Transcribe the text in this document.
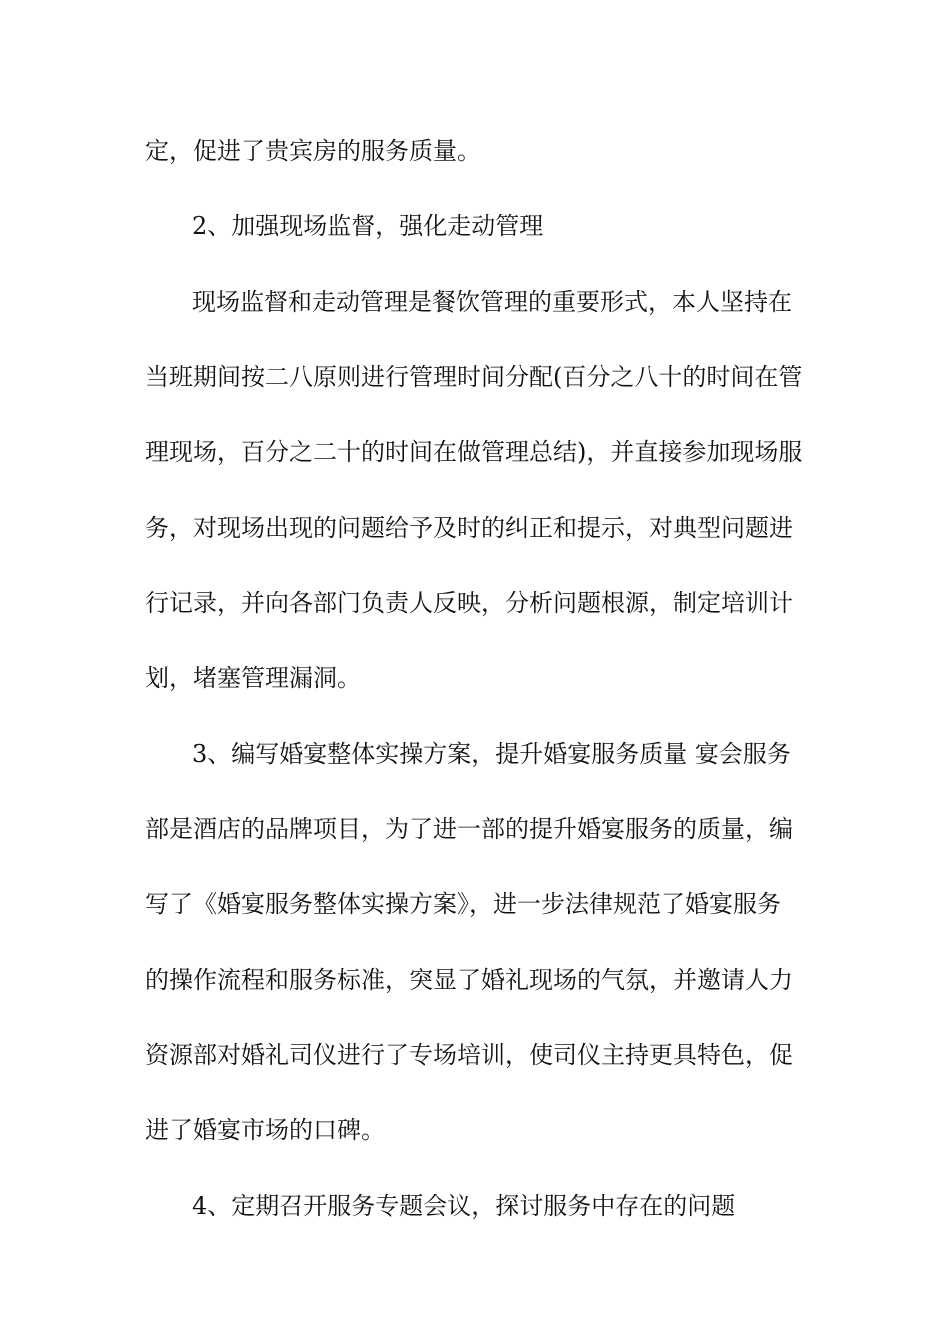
定，促进了贵宾房的服务质量。
2、加强现场监督，强化走动管理
现场监督和走动管理是餐饮管理的重要形式，本人坚持在
当班期间按二八原则进行管理时间分配(百分之八十的时间在管
理现场，百分之二十的时间在做管理总结)，并直接参加现场服
务，对现场出现的问题给予及时的纠正和提示，对典型问题进
行记录，并向各部门负责人反映，分析问题根源，制定培训计
划，堵塞管理漏洞。
3、编写婚宴整体实操方案，提升婚宴服务质量 宴会服务
部是酒店的品牌项目，为了进一部的提升婚宴服务的质量，编
写了《婚宴服务整体实操方案》，进一步法律规范了婚宴服务
的操作流程和服务标准，突显了婚礼现场的气氛，并邀请人力
资源部对婚礼司仪进行了专场培训，使司仪主持更具特色，促
进了婚宴市场的口碑。
4、定期召开服务专题会议，探讨服务中存在的问题
